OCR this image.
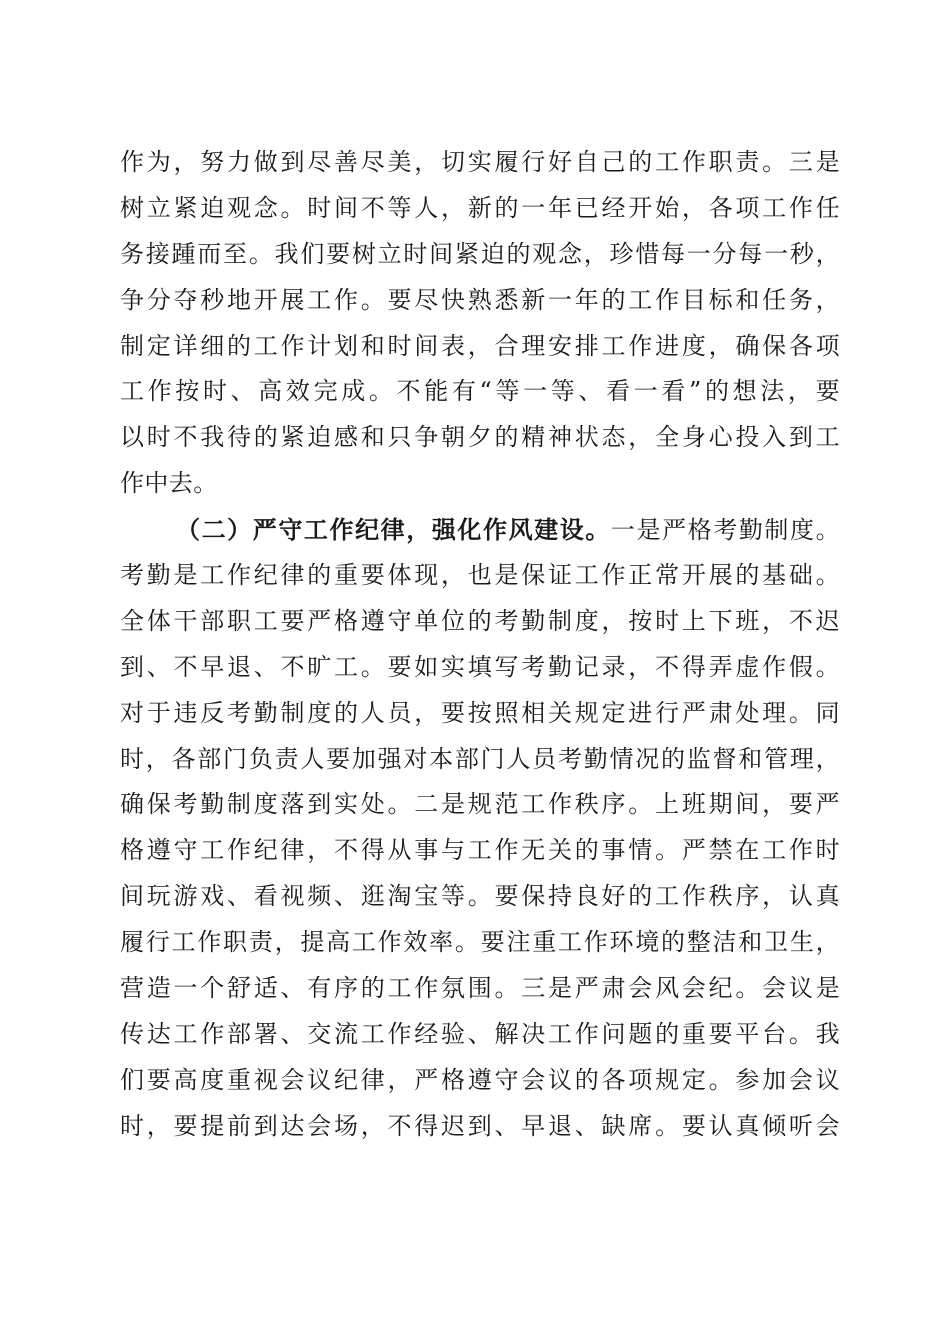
作为，努力做到尽善尽美，切实履行好自己的工作职责。三是
树立紧迫观念。时间不等人，新的一年已经开始，各项工作任
务接踵而至。我们要树立时间紧迫的观念，珍惜每一分每一秒，
争分夺秒地开展工作。要尽快熟悉新一年的工作目标和任务，
制定详细的工作计划和时间表，合理安排工作进度，确保各项
工作按时、高效完成。不能有“等一等、看一看”的想法，要
以时不我待的紧迫感和只争朝夕的精神状态，全身心投入到工
作中去。
（二）严守工作纪律，强化作风建设。一是严格考勤制度。
考勤是工作纪律的重要体现，也是保证工作正常开展的基础。
全体干部职工要严格遵守单位的考勤制度，按时上下班，不迟
到、不早退、不旷工。要如实填写考勤记录，不得弄虚作假。
对于违反考勤制度的人员，要按照相关规定进行严肃处理。同
时，各部门负责人要加强对本部门人员考勤情况的监督和管理，
确保考勤制度落到实处。二是规范工作秩序。上班期间，要严
格遵守工作纪律，不得从事与工作无关的事情。严禁在工作时
间玩游戏、看视频、逛淘宝等。要保持良好的工作秩序，认真
履行工作职责，提高工作效率。要注重工作环境的整洁和卫生，
营造一个舒适、有序的工作氛围。三是严肃会风会纪。会议是
传达工作部署、交流工作经验、解决工作问题的重要平台。我
们要高度重视会议纪律，严格遵守会议的各项规定。参加会议
时，要提前到达会场，不得迟到、早退、缺席。要认真倾听会
